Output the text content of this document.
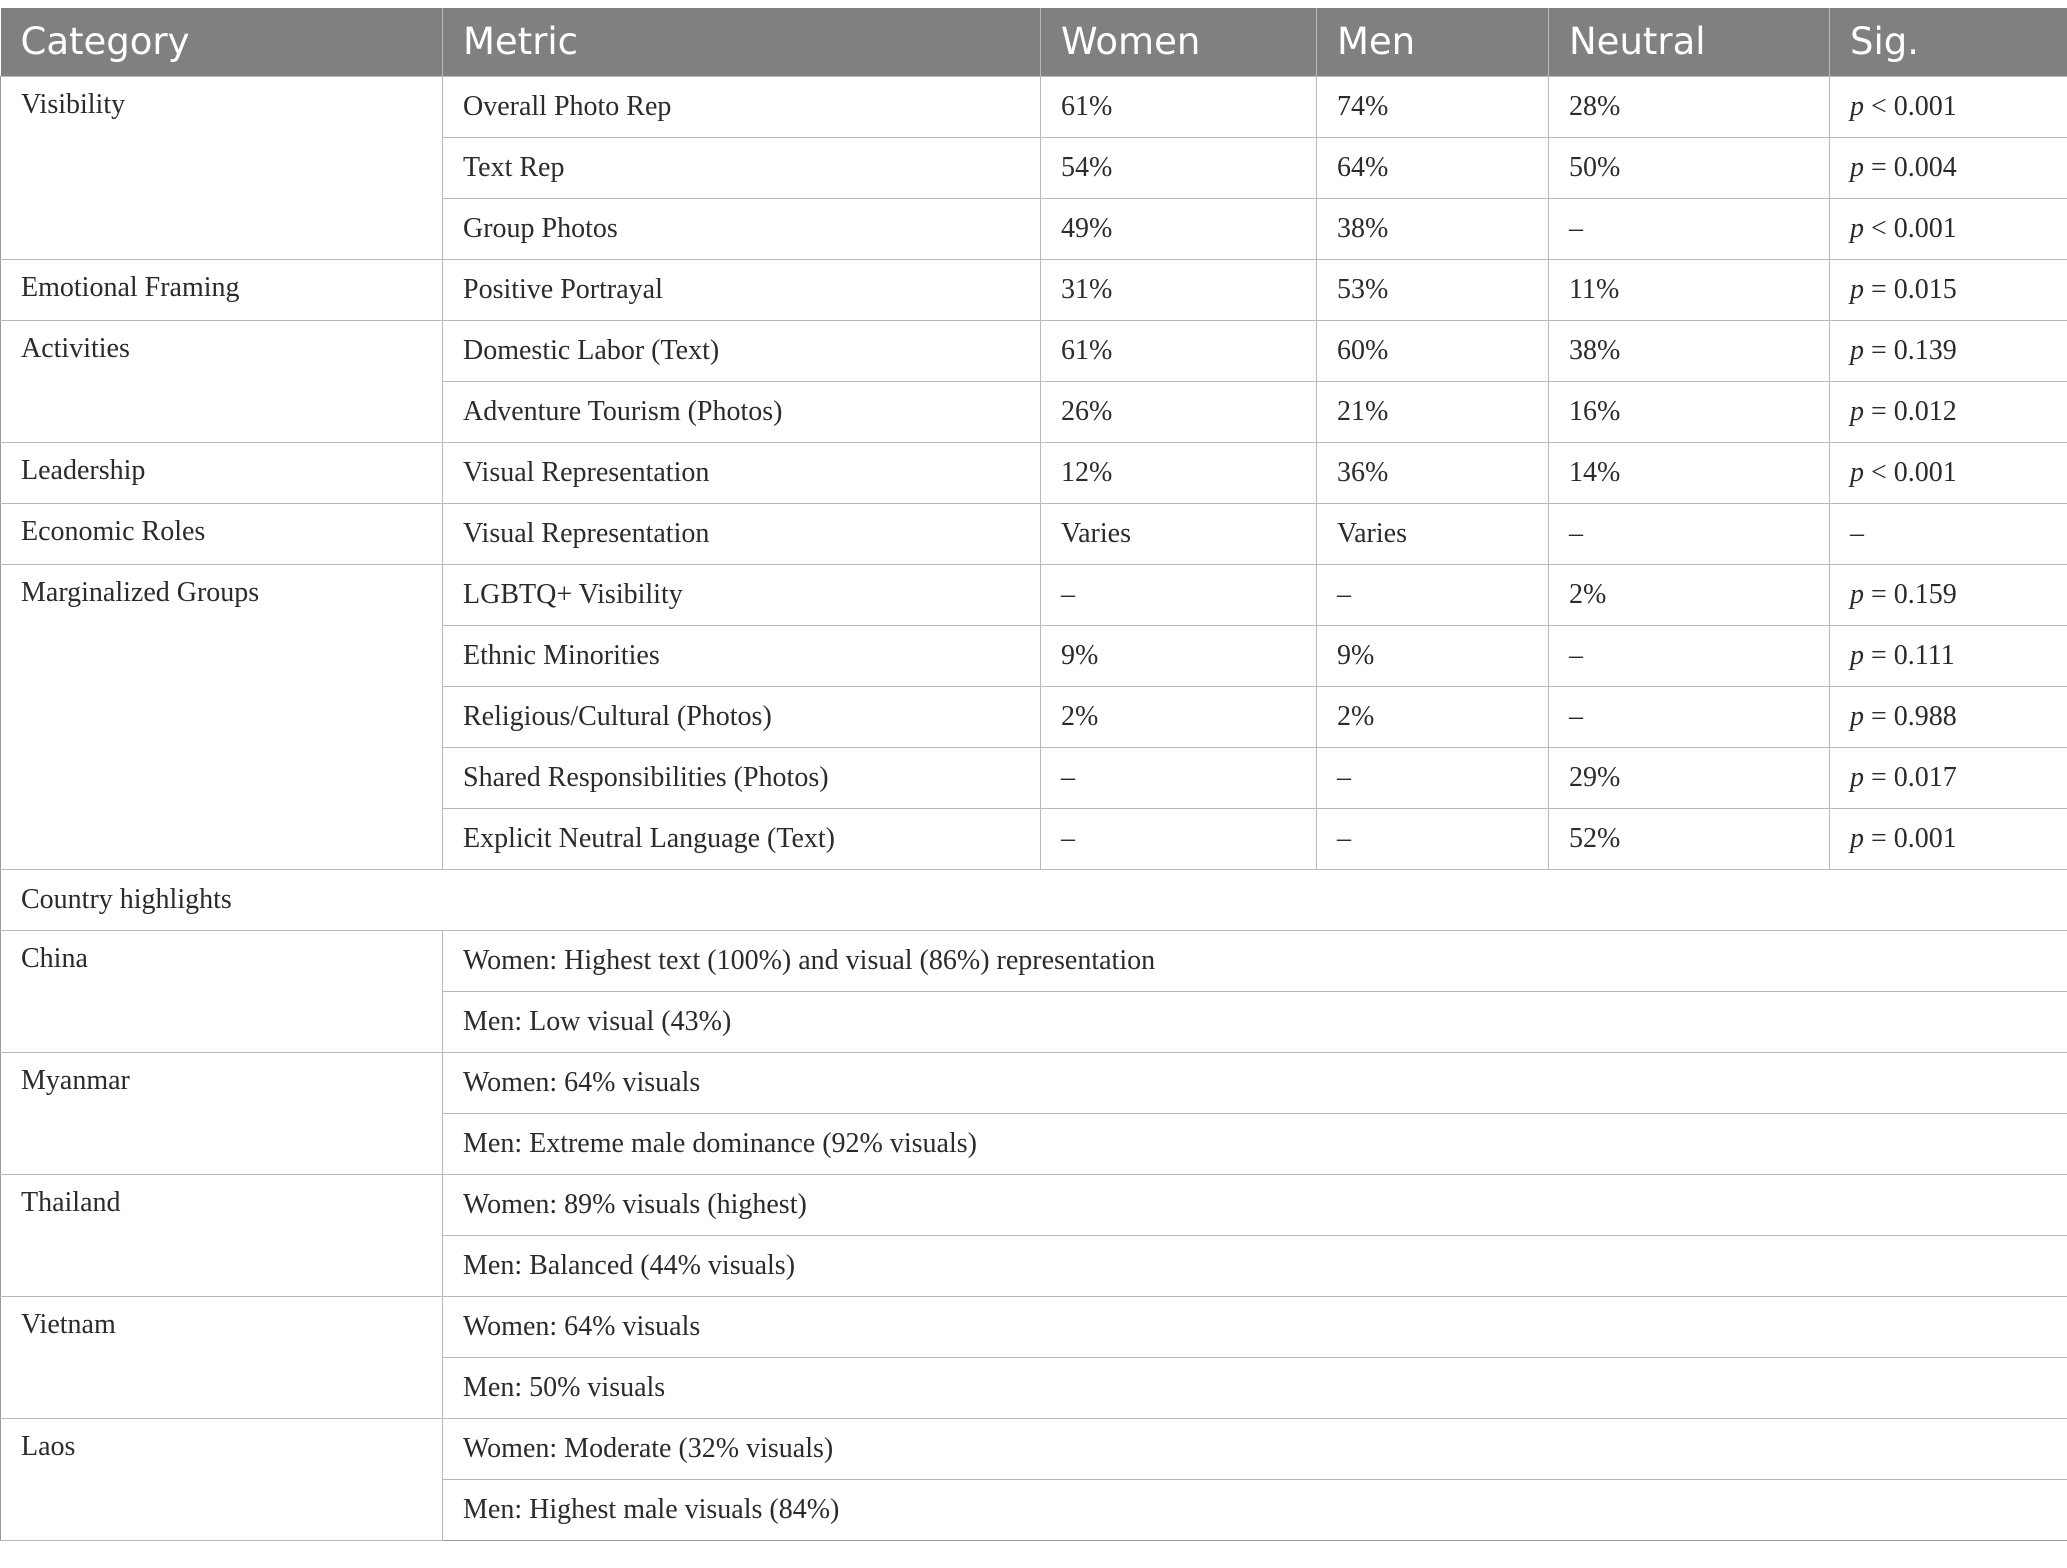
Category	Metric	Women	Men	Neutral	Sig.
Visibility	Overall Photo Rep	61%	74%	28%	p < 0.001
	Text Rep	54%	64%	50%	p = 0.004
	Group Photos	49%	38%	–	p < 0.001
Emotional Framing	Positive Portrayal	31%	53%	11%	p = 0.015
Activities	Domestic Labor (Text)	61%	60%	38%	p = 0.139
	Adventure Tourism (Photos)	26%	21%	16%	p = 0.012
Leadership	Visual Representation	12%	36%	14%	p < 0.001
Economic Roles	Visual Representation	Varies	Varies	–	–
Marginalized Groups	LGBTQ+ Visibility	–	–	2%	p = 0.159
	Ethnic Minorities	9%	9%	–	p = 0.111
	Religious/Cultural (Photos)	2%	2%	–	p = 0.988
	Shared Responsibilities (Photos)	–	–	29%	p = 0.017
	Explicit Neutral Language (Text)	–	–	52%	p = 0.001
Country highlights					
China	Women: Highest text (100%) and visual (86%) representation				
	Men: Low visual (43%)				
Myanmar	Women: 64% visuals				
	Men: Extreme male dominance (92% visuals)				
Thailand	Women: 89% visuals (highest)				
	Men: Balanced (44% visuals)				
Vietnam	Women: 64% visuals				
	Men: 50% visuals				
Laos	Women: Moderate (32% visuals)				
	Men: Highest male visuals (84%)				
